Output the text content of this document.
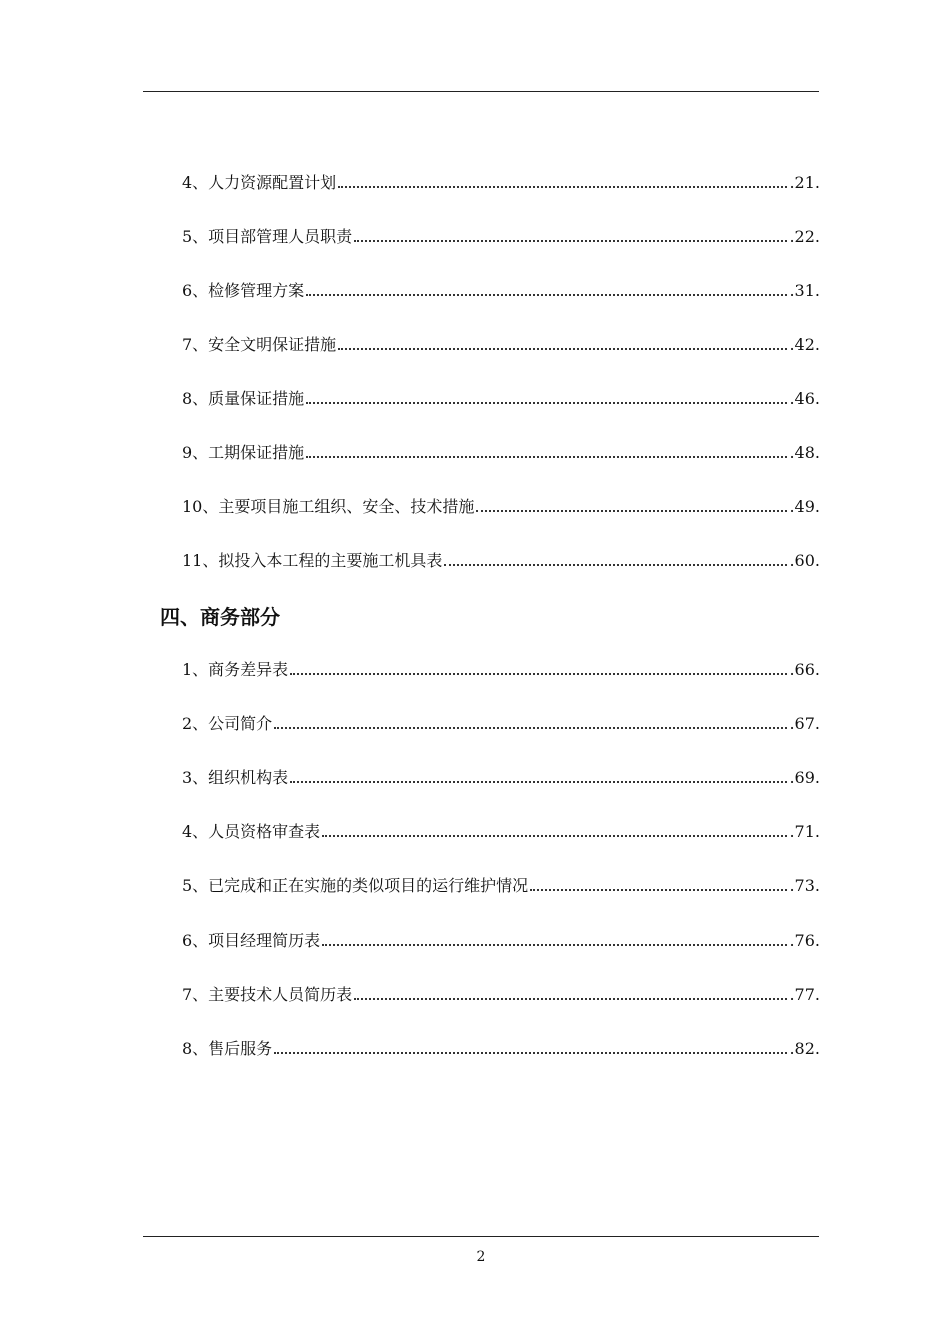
4、人力资源配置计划	.21.
5、项目部管理人员职责	.22.
6、检修管理方案	.31.
7、安全文明保证措施	.42.
8、质量保证措施	.46.
9、工期保证措施	.48.
10、主要项目施工组织、安全、技术措施	.49.
11、拟投入本工程的主要施工机具表	.60.
四、商务部分
1、商务差异表	.66.
2、公司简介	.67.
3、组织机构表	.69.
4、人员资格审查表	.71.
5、已完成和正在实施的类似项目的运行维护情况	.73.
6、项目经理简历表	.76.
7、主要技术人员简历表	.77.
8、售后服务	.82.
2
